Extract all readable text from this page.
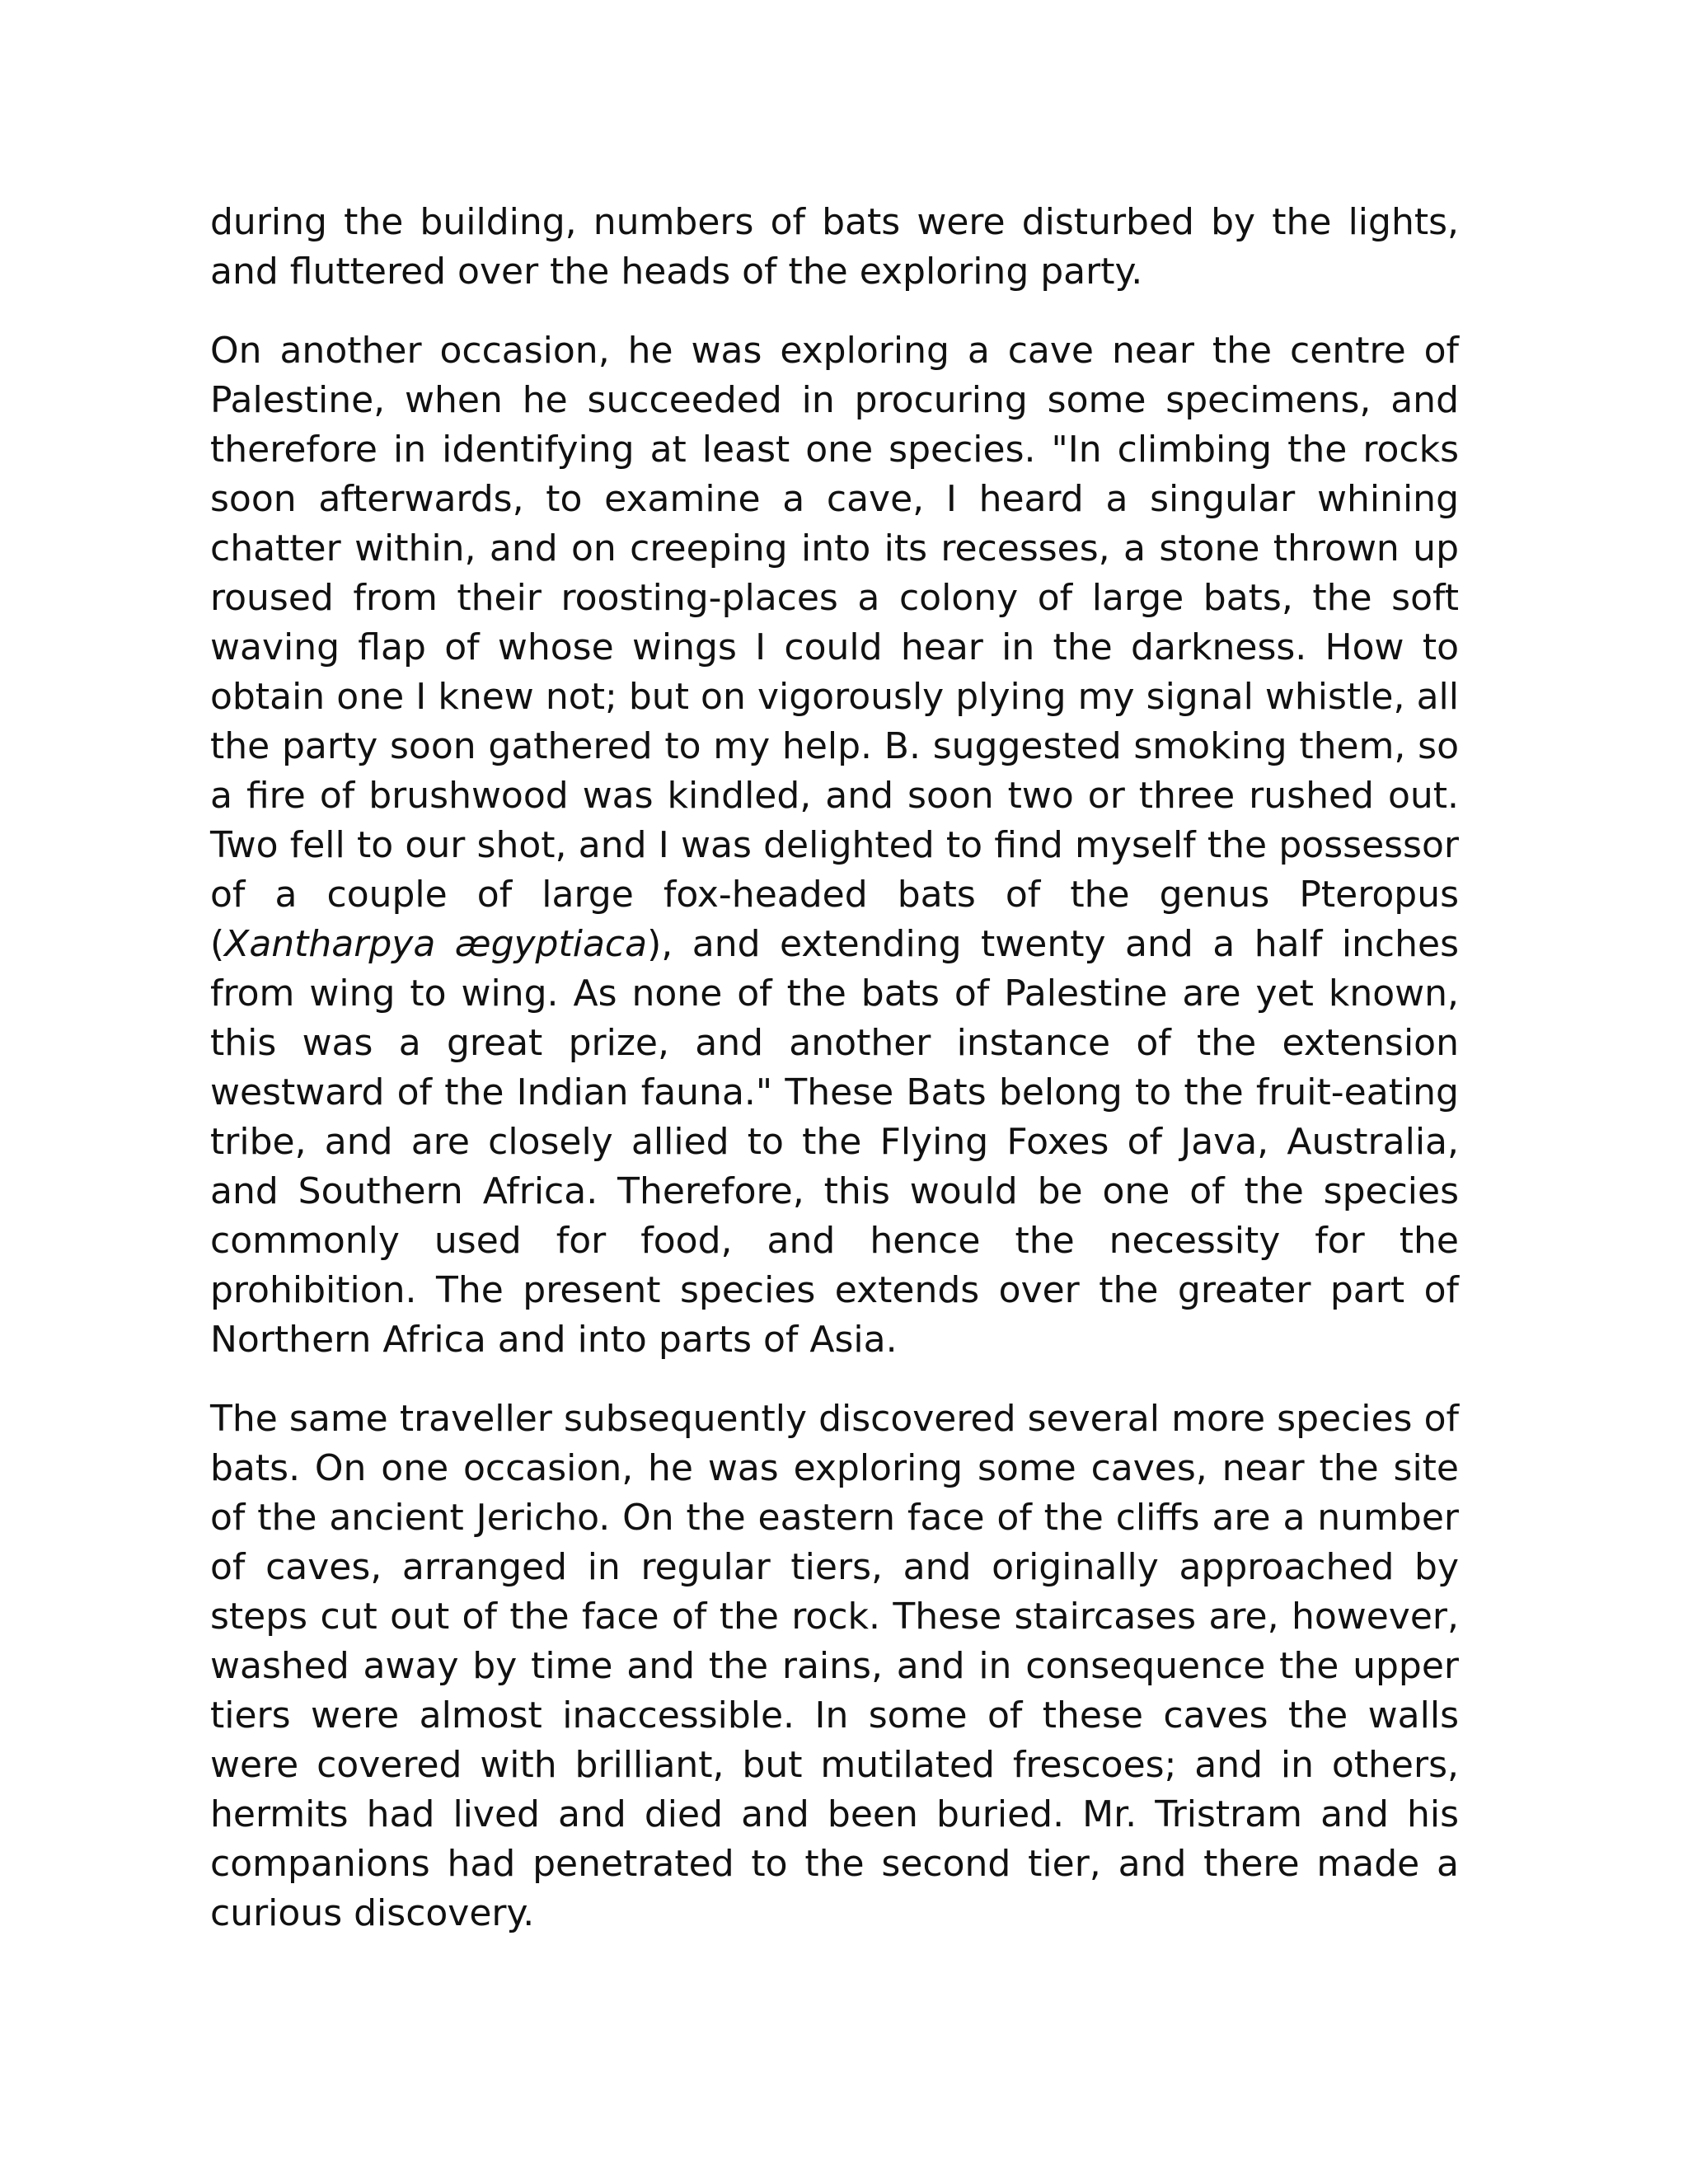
during the building, numbers of bats were disturbed by the lights, and fluttered over the heads of the exploring party.

On another occasion, he was exploring a cave near the centre of Palestine, when he succeeded in procuring some specimens, and therefore in identifying at least one species. "In climbing the rocks soon afterwards, to examine a cave, I heard a singular whining chatter within, and on creeping into its recesses, a stone thrown up roused from their roosting-places a colony of large bats, the soft waving flap of whose wings I could hear in the darkness. How to obtain one I knew not; but on vigorously plying my signal whistle, all the party soon gathered to my help. B. suggested smoking them, so a fire of brushwood was kindled, and soon two or three rushed out. Two fell to our shot, and I was delighted to find myself the possessor of a couple of large fox-headed bats of the genus Pteropus (Xantharpya ægyptiaca), and extending twenty and a half inches from wing to wing. As none of the bats of Palestine are yet known, this was a great prize, and another instance of the extension westward of the Indian fauna." These Bats belong to the fruit-eating tribe, and are closely allied to the Flying Foxes of Java, Australia, and Southern Africa. Therefore, this would be one of the species commonly used for food, and hence the necessity for the prohibition. The present species extends over the greater part of Northern Africa and into parts of Asia.

The same traveller subsequently discovered several more species of bats. On one occasion, he was exploring some caves, near the site of the ancient Jericho. On the eastern face of the cliffs are a number of caves, arranged in regular tiers, and originally approached by steps cut out of the face of the rock. These staircases are, however, washed away by time and the rains, and in consequence the upper tiers were almost inaccessible. In some of these caves the walls were covered with brilliant, but mutilated frescoes; and in others, hermits had lived and died and been buried. Mr. Tristram and his companions had penetrated to the second tier, and there made a curious discovery.
